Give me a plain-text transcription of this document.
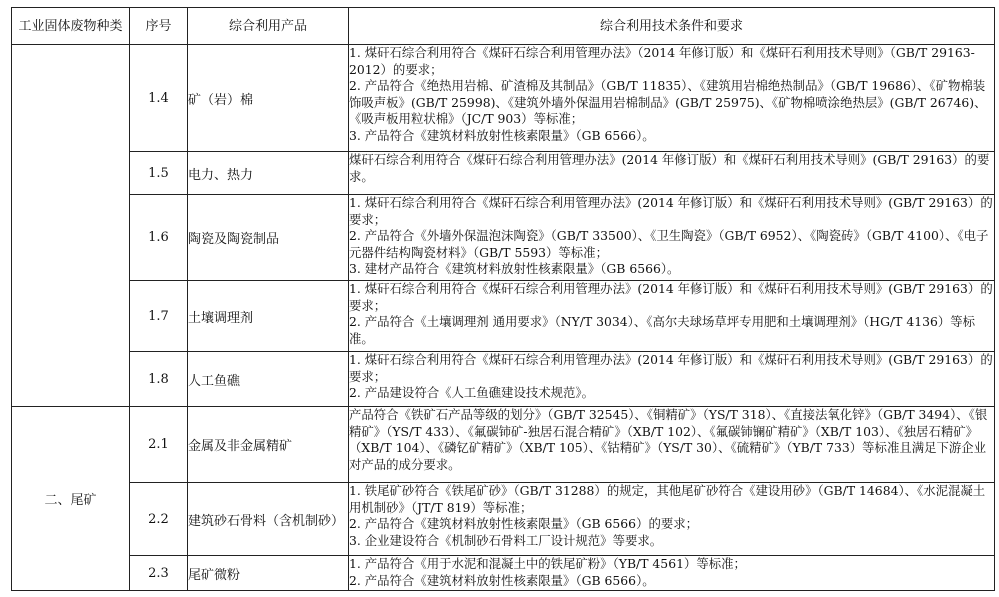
工业固体废物种类	序号	综合利用产品	综合利用技术条件和要求
	1.4	矿（岩）棉	1. 煤矸石综合利用符合《煤矸石综合利用管理办法》（2014 年修订版）和《煤矸石利用技术导则》（GB/T 29163-2012）的要求；
2. 产品符合《绝热用岩棉、矿渣棉及其制品》（GB/T 11835）、《建筑用岩棉绝热制品》（GB/T 19686）、《矿物棉装饰吸声板》(GB/T 25998)、《建筑外墙外保温用岩棉制品》(GB/T 25975)、《矿物棉喷涂绝热层》(GB/T 26746)、《吸声板用粒状棉》（JC/T 903）等标准；
3. 产品符合《建筑材料放射性核素限量》（GB 6566）。

	1.5	电力、热力	煤矸石综合利用符合《煤矸石综合利用管理办法》(2014 年修订版）和《煤矸石利用技术导则》(GB/T 29163）的要求。

	1.6	陶瓷及陶瓷制品	1. 煤矸石综合利用符合《煤矸石综合利用管理办法》(2014 年修订版）和《煤矸石利用技术导则》(GB/T 29163）的要求；
2. 产品符合《外墙外保温泡沫陶瓷》（GB/T 33500）、《卫生陶瓷》（GB/T 6952）、《陶瓷砖》（GB/T 4100）、《电子元器件结构陶瓷材料》（GB/T 5593）等标准；
3. 建材产品符合《建筑材料放射性核素限量》（GB 6566）。

	1.7	土壤调理剂	1. 煤矸石综合利用符合《煤矸石综合利用管理办法》(2014 年修订版）和《煤矸石利用技术导则》(GB/T 29163）的要求；
2. 产品符合《土壤调理剂 通用要求》（NY/T 3034）、《高尔夫球场草坪专用肥和土壤调理剂》（HG/T 4136）等标准。

	1.8	人工鱼礁	1. 煤矸石综合利用符合《煤矸石综合利用管理办法》(2014 年修订版）和《煤矸石利用技术导则》(GB/T 29163）的要求；
2. 产品建设符合《人工鱼礁建设技术规范》。

二、尾矿	2.1	金属及非金属精矿	产品符合《铁矿石产品等级的划分》（GB/T 32545）、《铜精矿》（YS/T 318）、《直接法氧化锌》（GB/T 3494）、《银精矿》（YS/T 433）、《氟碳铈矿-独居石混合精矿》（XB/T 102）、《氟碳铈镧矿精矿》（XB/T 103）、《独居石精矿》（XB/T 104）、《磷钇矿精矿》（XB/T 105）、《钴精矿》（YS/T 30）、《硫精矿》（YB/T 733）等标准且满足下游企业对产品的成分要求。

	2.2	建筑砂石骨料（含机制砂）	1. 铁尾矿砂符合《铁尾矿砂》（GB/T 31288）的规定，其他尾矿砂符合《建设用砂》（GB/T 14684）、《水泥混凝土用机制砂》（JT/T 819）等标准；
2. 产品符合《建筑材料放射性核素限量》（GB 6566）的要求；
3. 企业建设符合《机制砂石骨料工厂设计规范》等要求。

	2.3	尾矿微粉	1. 产品符合《用于水泥和混凝土中的铁尾矿粉》（YB/T 4561）等标准；
2. 产品符合《建筑材料放射性核素限量》（GB 6566）。
